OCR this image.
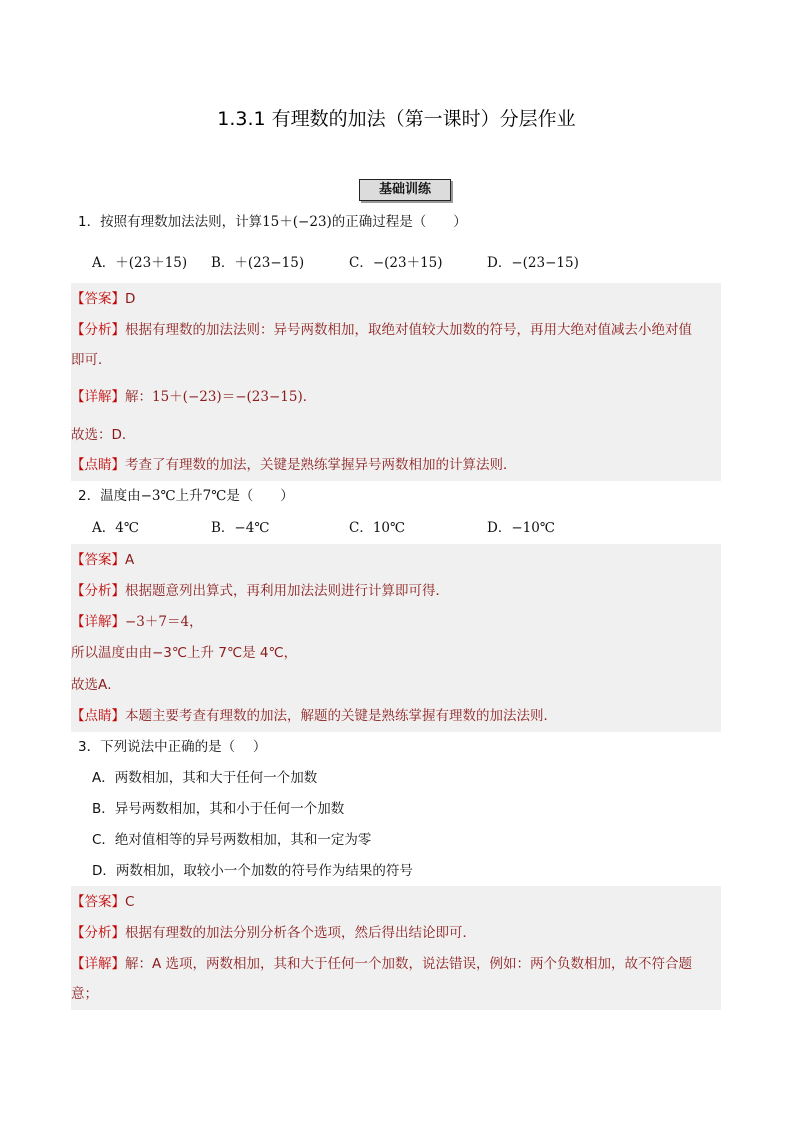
1.3.1 有理数的加法（第一课时）分层作业
基础训练
1．按照有理数加法法则，计算15＋(−23)的正确过程是（　　）
A．＋(23＋15) B．＋(23−15)	C．−(23＋15)	D．−(23−15)
【答案】D
【分析】根据有理数的加法法则：异号两数相加，取绝对值较大加数的符号，再用大绝对值减去小绝对值
即可．
【详解】解：15＋(−23)＝−(23−15)．
故选：D．
【点睛】考查了有理数的加法，关键是熟练掌握异号两数相加的计算法则．
2．温度由−3℃上升7℃是（　　）
A．4℃	B．−4℃	C．10℃	D．−10℃
【答案】A
【分析】根据题意列出算式，再利用加法法则进行计算即可得．
【详解】−3＋7＝4，
所以温度由由−3℃上升 7℃是 4℃，
故选A．
【点睛】本题主要考查有理数的加法，解题的关键是熟练掌握有理数的加法法则．
3．下列说法中正确的是（　 ）
A．两数相加，其和大于任何一个加数
B．异号两数相加，其和小于任何一个加数
C．绝对值相等的异号两数相加，其和一定为零
D．两数相加，取较小一个加数的符号作为结果的符号
【答案】C
【分析】根据有理数的加法分别分析各个选项，然后得出结论即可．
【详解】解：A 选项，两数相加，其和大于任何一个加数，说法错误，例如：两个负数相加，故不符合题
意；
